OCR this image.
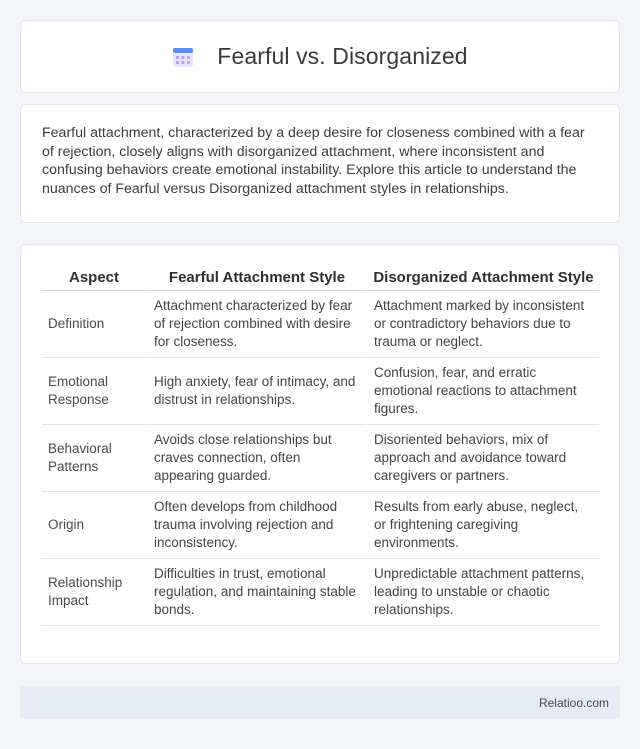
Fearful vs. Disorganized

Fearful attachment, characterized by a deep desire for closeness combined with a fear of rejection, closely aligns with disorganized attachment, where inconsistent and confusing behaviors create emotional instability. Explore this article to understand the nuances of Fearful versus Disorganized attachment styles in relationships.

Aspect	Fearful Attachment Style	Disorganized Attachment Style
Definition	Attachment characterized by fear of rejection combined with desire for closeness.	Attachment marked by inconsistent or contradictory behaviors due to trauma or neglect.
Emotional Response	High anxiety, fear of intimacy, and distrust in relationships.	Confusion, fear, and erratic emotional reactions to attachment figures.
Behavioral Patterns	Avoids close relationships but craves connection, often appearing guarded.	Disoriented behaviors, mix of approach and avoidance toward caregivers or partners.
Origin	Often develops from childhood trauma involving rejection and inconsistency.	Results from early abuse, neglect, or frightening caregiving environments.
Relationship Impact	Difficulties in trust, emotional regulation, and maintaining stable bonds.	Unpredictable attachment patterns, leading to unstable or chaotic relationships.
Relatioo.com
